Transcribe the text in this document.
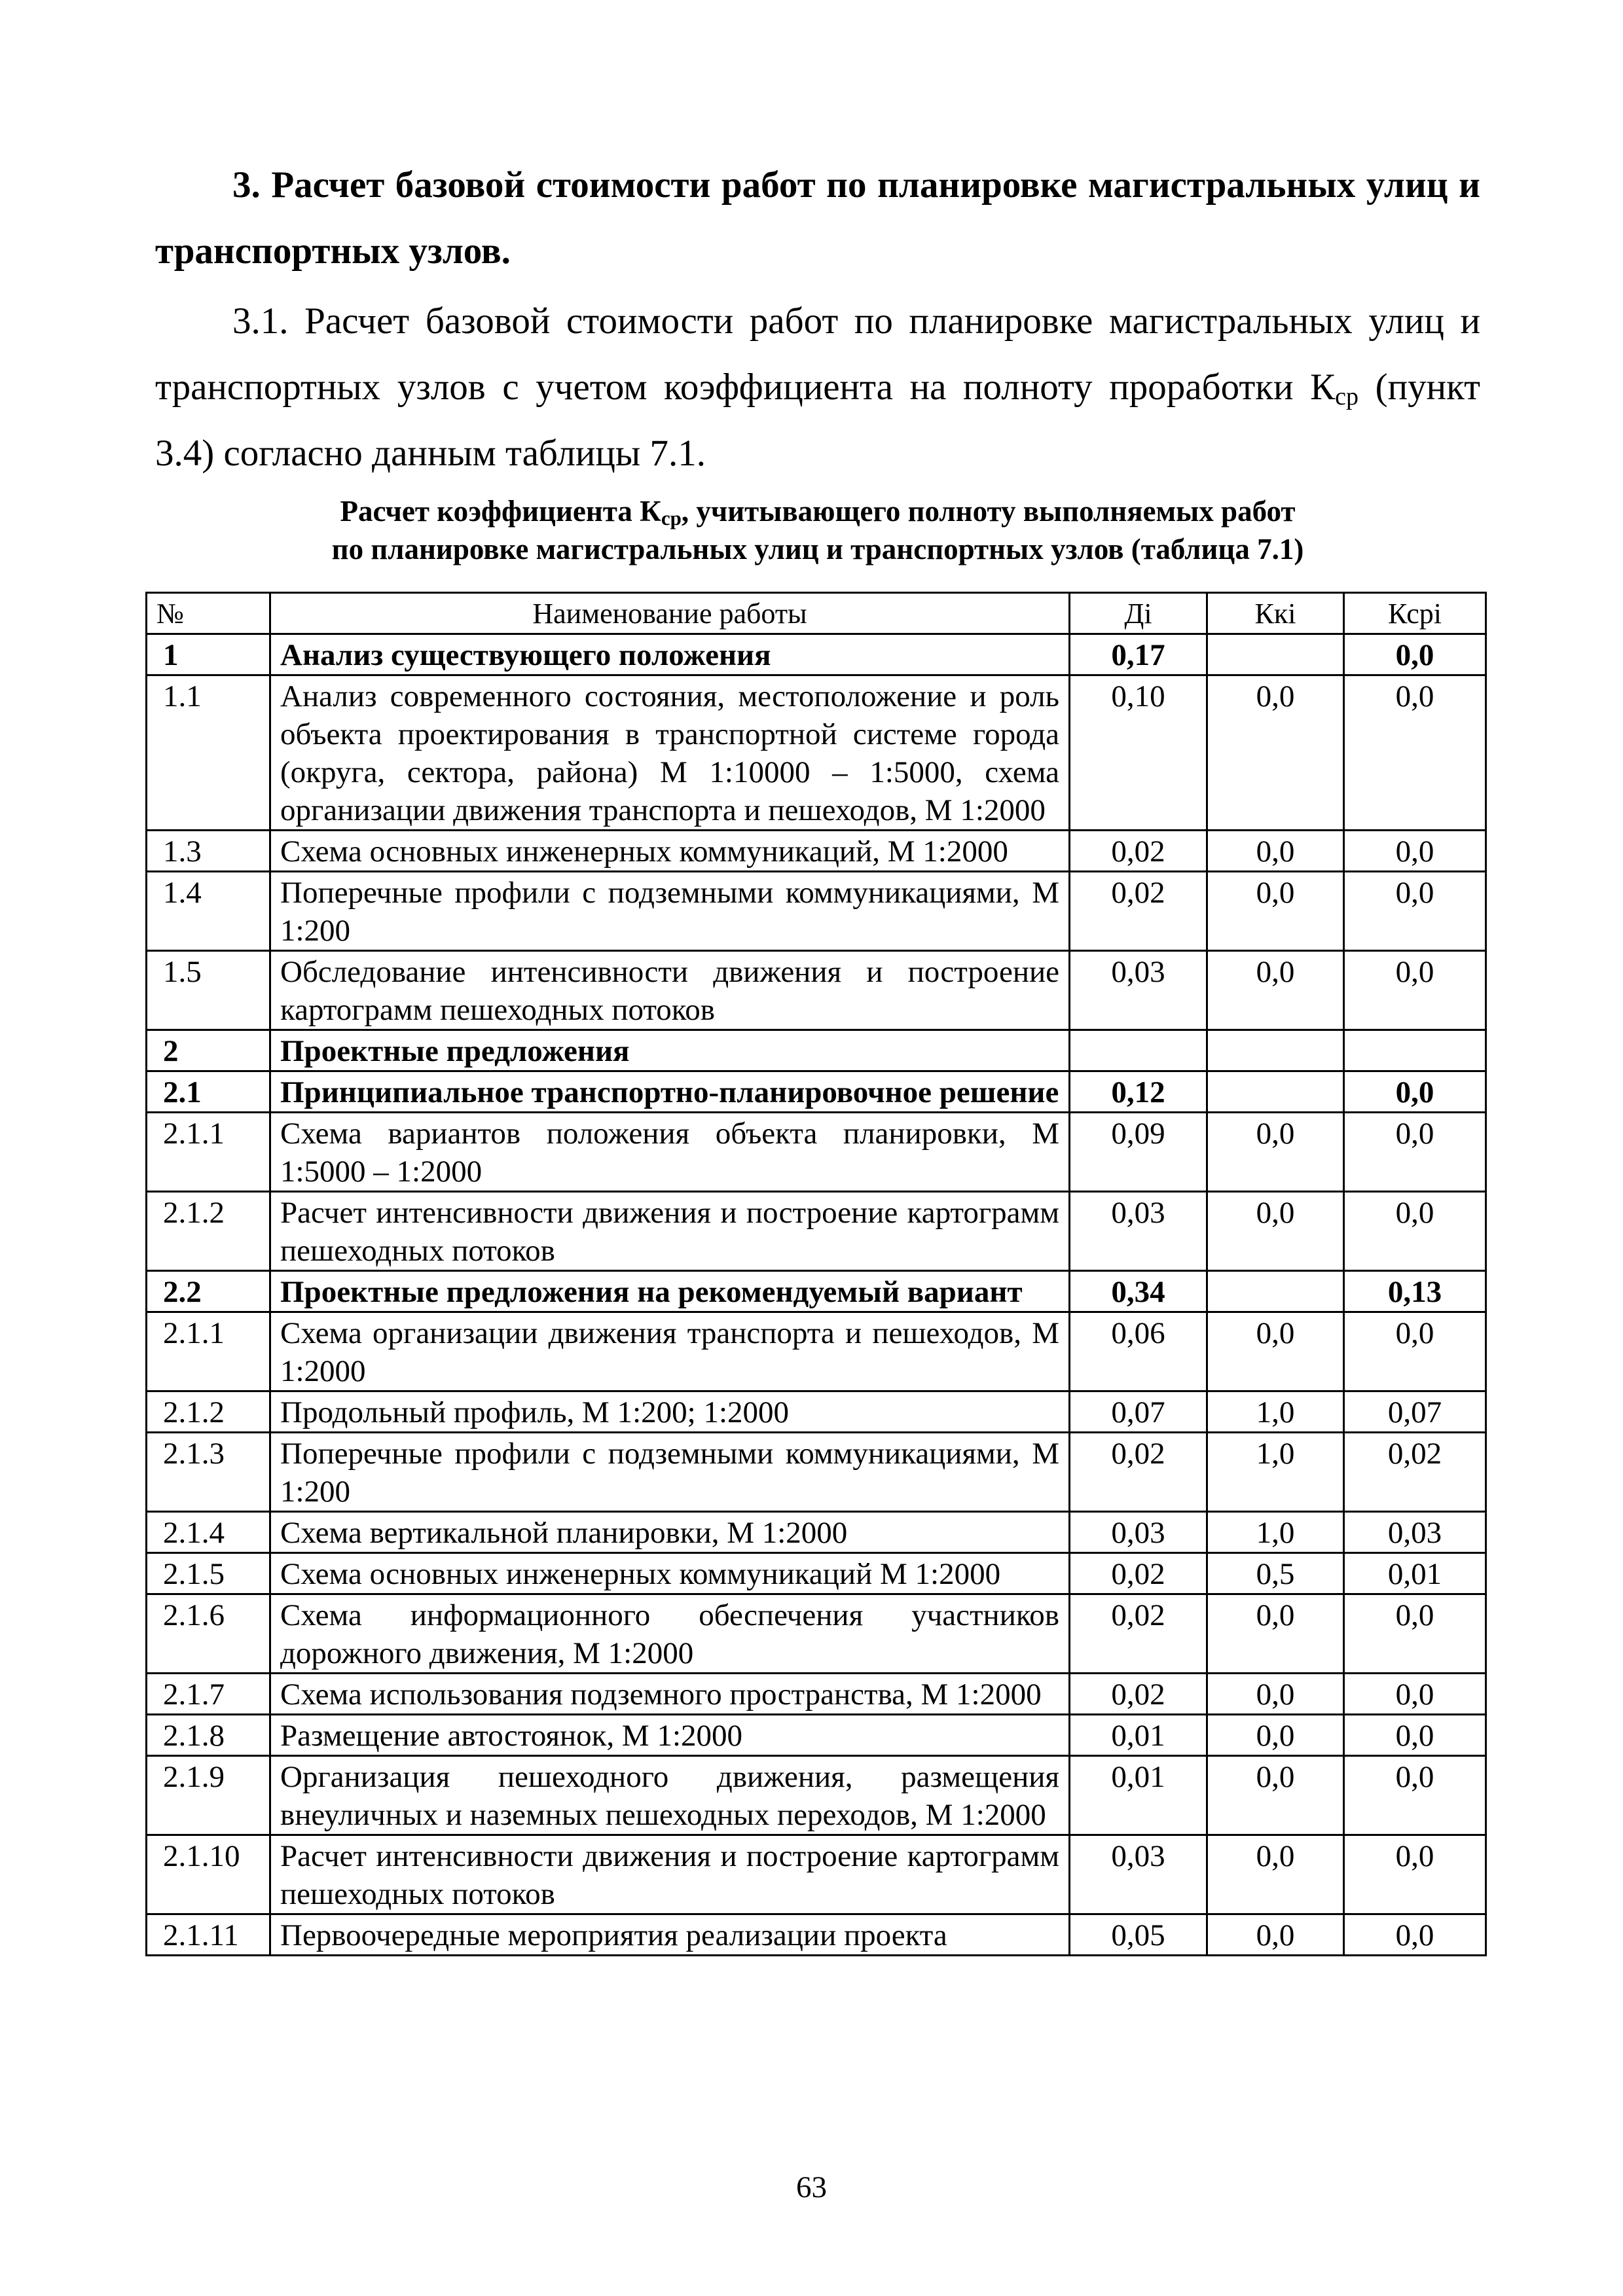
3. Расчет базовой стоимости работ по планировке магистральных улиц и транспортных узлов.
3.1. Расчет базовой стоимости работ по планировке магистральных улиц и транспортных узлов с учетом коэффициента на полноту проработки $К_{ср}$ (пункт 3.4) согласно данным таблицы 7.1.
Расчет коэффициента $К_{ср}$, учитывающего полноту выполняемых работ
по планировке магистральных улиц и транспортных узлов (таблица 7.1)
№	Наименование работы	Дi	Ккi	Ксрi
1	Анализ существующего положения	0,17		0,0
1.1	Анализ современного состояния, местоположение и роль объекта проектирования в транспортной системе города (округа, сектора, района) М 1:10000 – 1:5000, схема организации движения транспорта и пешеходов, М 1:2000	0,10	0,0	0,0
1.3	Схема основных инженерных коммуникаций, М 1:2000	0,02	0,0	0,0
1.4	Поперечные профили с подземными коммуникациями, М 1:200	0,02	0,0	0,0
1.5	Обследование интенсивности движения и построение картограмм пешеходных потоков	0,03	0,0	0,0
2	Проектные предложения			
2.1	Принципиальное транспортно-планировочное решение	0,12		0,0
2.1.1	Схема вариантов положения объекта планировки, М 1:5000 – 1:2000	0,09	0,0	0,0
2.1.2	Расчет интенсивности движения и построение картограмм пешеходных потоков	0,03	0,0	0,0
2.2	Проектные предложения на рекомендуемый вариант	0,34		0,13
2.1.1	Схема организации движения транспорта и пешеходов, М 1:2000	0,06	0,0	0,0
2.1.2	Продольный профиль, М 1:200; 1:2000	0,07	1,0	0,07
2.1.3	Поперечные профили с подземными коммуникациями, М 1:200	0,02	1,0	0,02
2.1.4	Схема вертикальной планировки, М 1:2000	0,03	1,0	0,03
2.1.5	Схема основных инженерных коммуникаций М 1:2000	0,02	0,5	0,01
2.1.6	Схема информационного обеспечения участников дорожного движения, М 1:2000	0,02	0,0	0,0
2.1.7	Схема использования подземного пространства, М 1:2000	0,02	0,0	0,0
2.1.8	Размещение автостоянок, М 1:2000	0,01	0,0	0,0
2.1.9	Организация пешеходного движения, размещения внеуличных и наземных пешеходных переходов, М 1:2000	0,01	0,0	0,0
2.1.10	Расчет интенсивности движения и построение картограмм пешеходных потоков	0,03	0,0	0,0
2.1.11	Первоочередные мероприятия реализации проекта	0,05	0,0	0,0
63
